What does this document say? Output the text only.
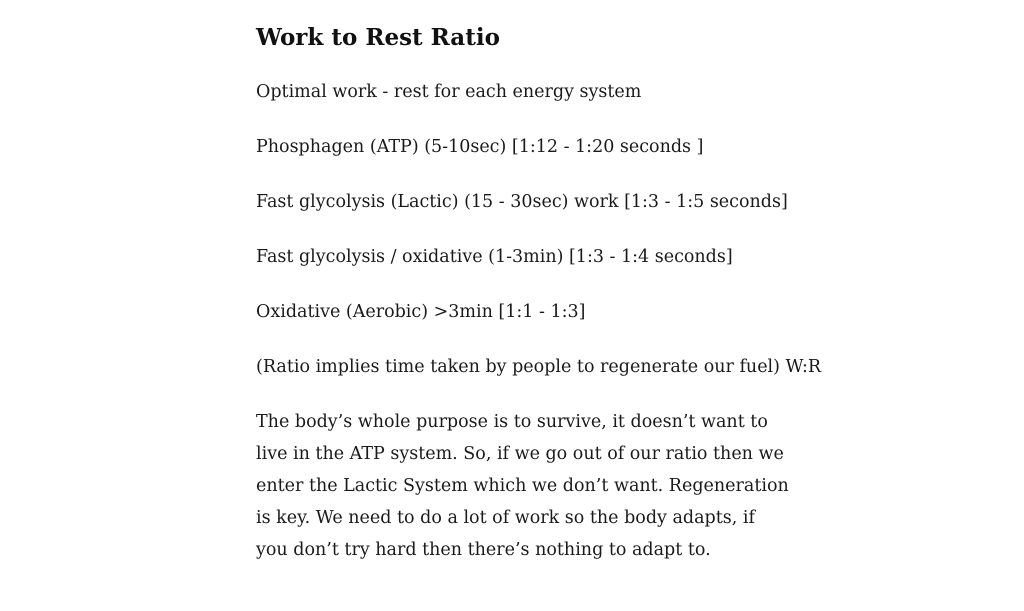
Work to Rest Ratio

Optimal work - rest for each energy system

Phosphagen (ATP) (5-10sec) [1:12 - 1:20 seconds ]

Fast glycolysis (Lactic) (15 - 30sec) work [1:3 - 1:5 seconds]

Fast glycolysis / oxidative (1-3min) [1:3 - 1:4 seconds]

Oxidative (Aerobic) >3min [1:1 - 1:3]

(Ratio implies time taken by people to regenerate our fuel) W:R

The body’s whole purpose is to survive, it doesn’t want to live in the ATP system. So, if we go out of our ratio then we enter the Lactic System which we don’t want. Regeneration is key. We need to do a lot of work so the body adapts, if you don’t try hard then there’s nothing to adapt to.
